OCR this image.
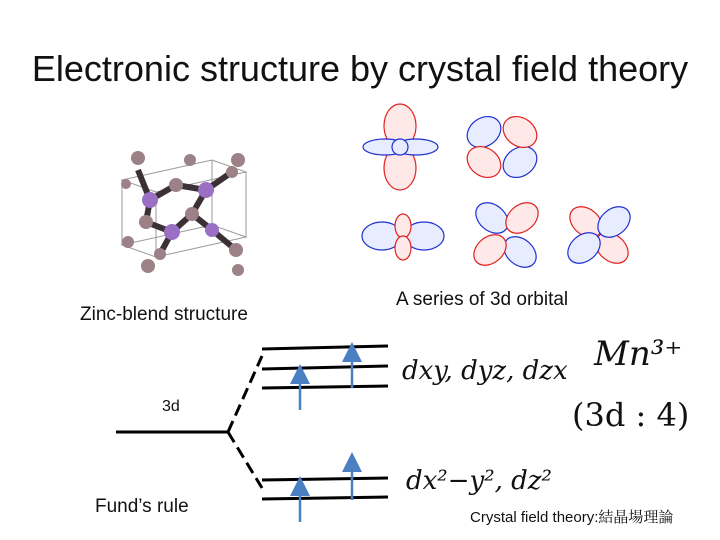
Electronic structure by crystal field theory
Zinc-blend structure
A series of 3d orbital
3d
Fund’s rule
dxy, dyz, dzx
dx²−y², dz²
Mn³⁺
(3d : 4)
Crystal field theory:結晶場理論
